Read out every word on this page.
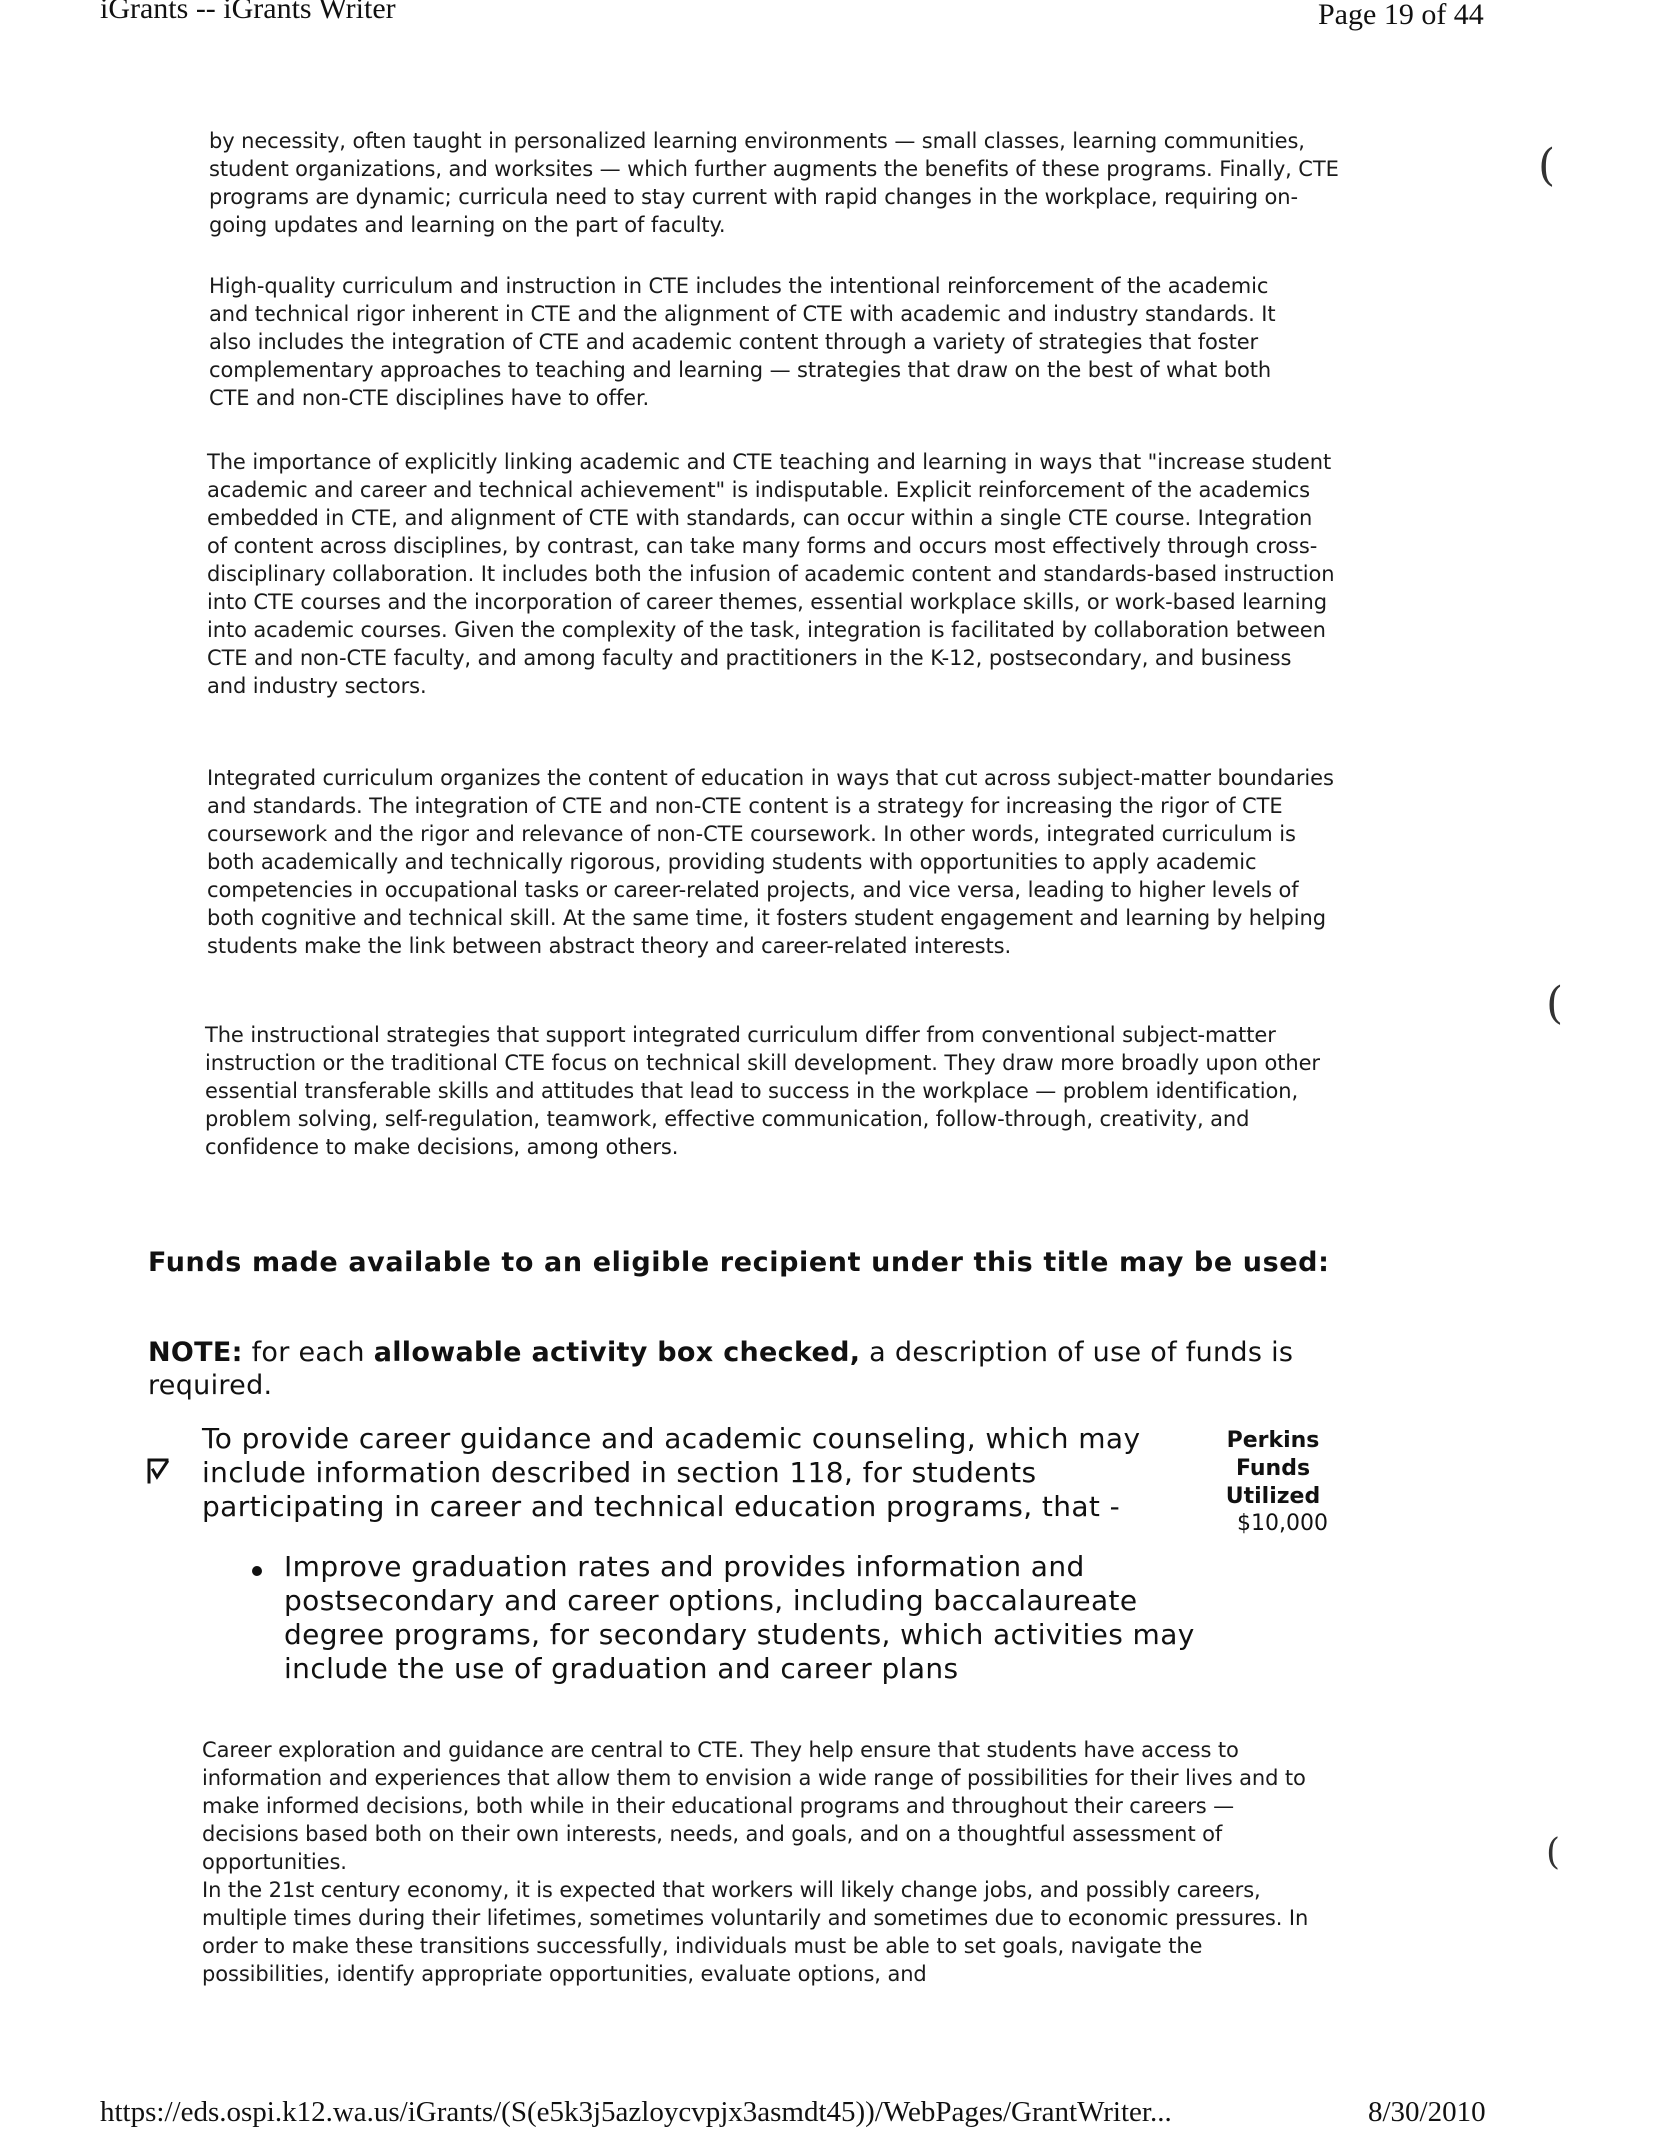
iGrants -- iGrants Writer	Page 19 of 44
by necessity, often taught in personalized learning environments — small classes, learning communities, student organizations, and worksites — which further augments the benefits of these programs. Finally, CTE programs are dynamic; curricula need to stay current with rapid changes in the workplace, requiring on-going updates and learning on the part of faculty.
High-quality curriculum and instruction in CTE includes the intentional reinforcement of the academic and technical rigor inherent in CTE and the alignment of CTE with academic and industry standards. It also includes the integration of CTE and academic content through a variety of strategies that foster complementary approaches to teaching and learning — strategies that draw on the best of what both CTE and non-CTE disciplines have to offer.
The importance of explicitly linking academic and CTE teaching and learning in ways that "increase student academic and career and technical achievement" is indisputable. Explicit reinforcement of the academics embedded in CTE, and alignment of CTE with standards, can occur within a single CTE course. Integration of content across disciplines, by contrast, can take many forms and occurs most effectively through cross-disciplinary collaboration. It includes both the infusion of academic content and standards-based instruction into CTE courses and the incorporation of career themes, essential workplace skills, or work-based learning into academic courses. Given the complexity of the task, integration is facilitated by collaboration between CTE and non-CTE faculty, and among faculty and practitioners in the K-12, postsecondary, and business and industry sectors.
Integrated curriculum organizes the content of education in ways that cut across subject-matter boundaries and standards. The integration of CTE and non-CTE content is a strategy for increasing the rigor of CTE coursework and the rigor and relevance of non-CTE coursework. In other words, integrated curriculum is both academically and technically rigorous, providing students with opportunities to apply academic competencies in occupational tasks or career-related projects, and vice versa, leading to higher levels of both cognitive and technical skill. At the same time, it fosters student engagement and learning by helping students make the link between abstract theory and career-related interests.
The instructional strategies that support integrated curriculum differ from conventional subject-matter instruction or the traditional CTE focus on technical skill development. They draw more broadly upon other essential transferable skills and attitudes that lead to success in the workplace — problem identification, problem solving, self-regulation, teamwork, effective communication, follow-through, creativity, and confidence to make decisions, among others.
Funds made available to an eligible recipient under this title may be used:
NOTE: for each allowable activity box checked, a description of use of funds is required.
To provide career guidance and academic counseling, which may include information described in section 118, for students participating in career and technical education programs, that -
Perkins Funds Utilized
$10,000
Improve graduation rates and provides information and postsecondary and career options, including baccalaureate degree programs, for secondary students, which activities may include the use of graduation and career plans
Career exploration and guidance are central to CTE. They help ensure that students have access to information and experiences that allow them to envision a wide range of possibilities for their lives and to make informed decisions, both while in their educational programs and throughout their careers — decisions based both on their own interests, needs, and goals, and on a thoughtful assessment of opportunities.
In the 21st century economy, it is expected that workers will likely change jobs, and possibly careers, multiple times during their lifetimes, sometimes voluntarily and sometimes due to economic pressures. In order to make these transitions successfully, individuals must be able to set goals, navigate the possibilities, identify appropriate opportunities, evaluate options, and
(
(
(
https://eds.ospi.k12.wa.us/iGrants/(S(e5k3j5azloycvpjx3asmdt45))/WebPages/GrantWriter...	8/30/2010
